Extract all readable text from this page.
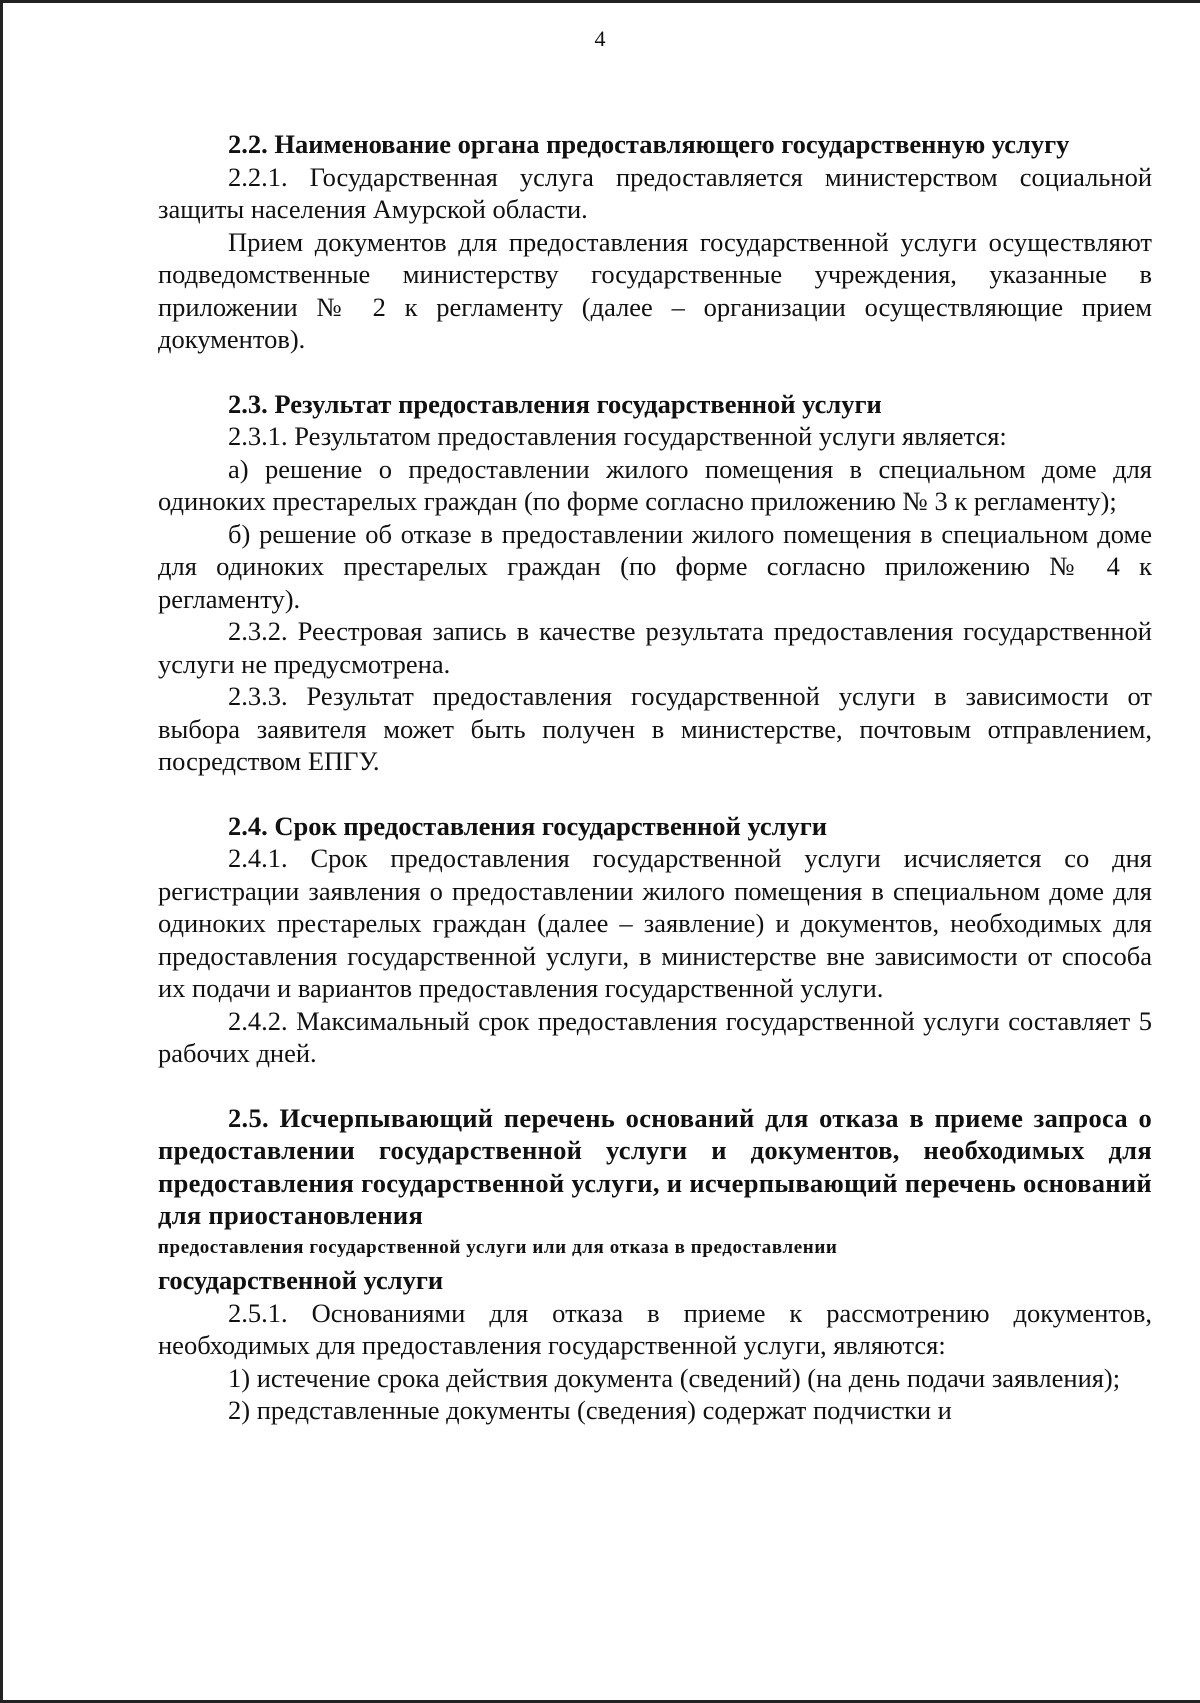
4

2.2. Наименование органа предоставляющего государственную услугу

2.2.1. Государственная услуга предоставляется министерством социальной защиты населения Амурской области.

Прием документов для предоставления государственной услуги осуществляют подведомственные министерству государственные учреждения, указанные в приложении № 2 к регламенту (далее – организации осуществляющие прием документов).

2.3. Результат предоставления государственной услуги

2.3.1. Результатом предоставления государственной услуги является:

а) решение о предоставлении жилого помещения в специальном доме для одиноких престарелых граждан (по форме согласно приложению № 3 к регламенту);

б) решение об отказе в предоставлении жилого помещения в специальном доме для одиноких престарелых граждан (по форме согласно приложению № 4 к регламенту).

2.3.2. Реестровая запись в качестве результата предоставления государственной услуги не предусмотрена.

2.3.3. Результат предоставления государственной услуги в зависимости от выбора заявителя может быть получен в министерстве, почтовым отправлением, посредством ЕПГУ.

2.4. Срок предоставления государственной услуги

2.4.1. Срок предоставления государственной услуги исчисляется со дня регистрации заявления о предоставлении жилого помещения в специальном доме для одиноких престарелых граждан (далее – заявление) и документов, необходимых для предоставления государственной услуги, в министерстве вне зависимости от способа их подачи и вариантов предоставления государственной услуги.

2.4.2. Максимальный срок предоставления государственной услуги составляет 5 рабочих дней.

2.5. Исчерпывающий перечень оснований для отказа в приеме запроса о предоставлении государственной услуги и документов, необходимых для предоставления государственной услуги, и исчерпывающий перечень оснований для приостановления

предоставления государственной услуги или для отказа в предоставлении

государственной услуги

2.5.1. Основаниями для отказа в приеме к рассмотрению документов, необходимых для предоставления государственной услуги, являются:

1) истечение срока действия документа (сведений) (на день подачи заявления);

2) представленные документы (сведения) содержат подчистки и
